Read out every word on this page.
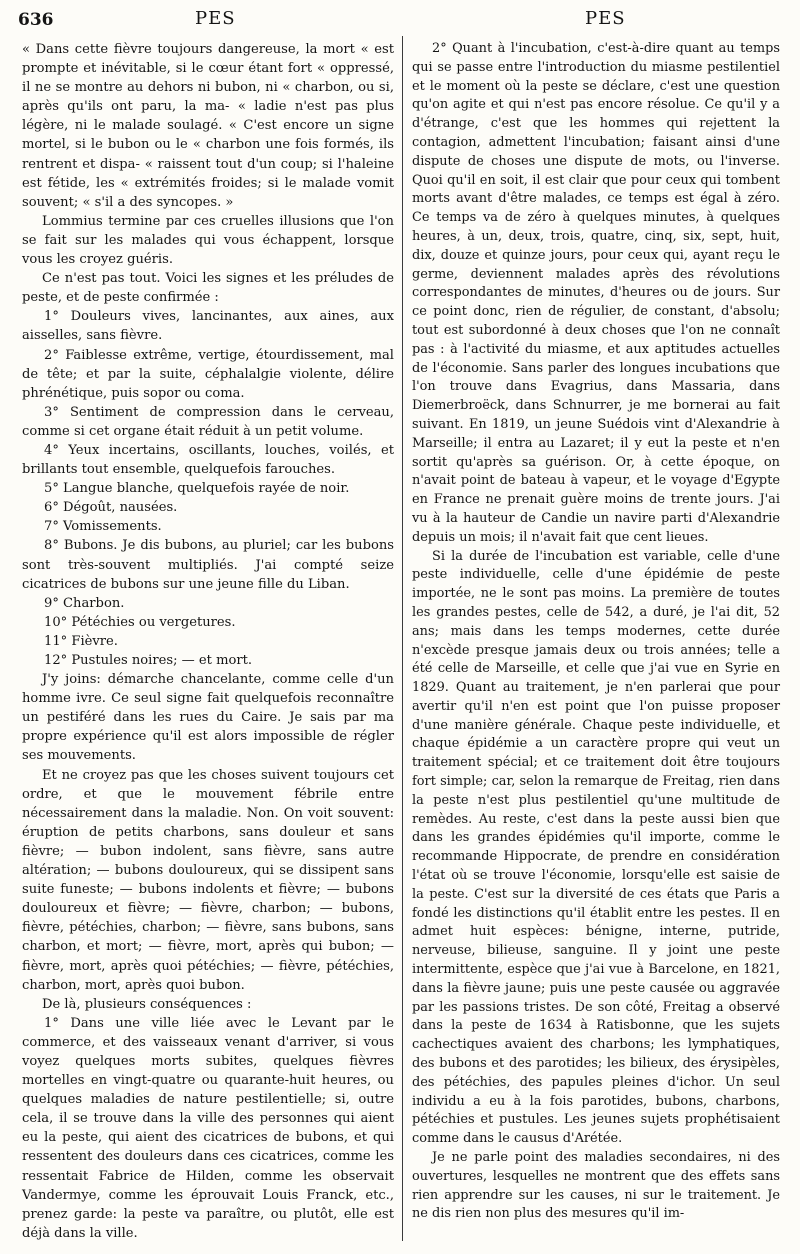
636	PES	PES

« Dans cette fièvre toujours dangereuse, la mort « est prompte et inévitable, si le cœur étant fort « oppressé, il ne se montre au dehors ni bubon, ni « charbon, ou si, après qu'ils ont paru, la ma- « ladie n'est pas plus légère, ni le malade soulagé. « C'est encore un signe mortel, si le bubon ou le « charbon une fois formés, ils rentrent et dispa- « raissent tout d'un coup; si l'haleine est fétide, les « extrémités froides; si le malade vomit souvent; « s'il a des syncopes. »

Lommius termine par ces cruelles illusions que l'on se fait sur les malades qui vous échappent, lorsque vous les croyez guéris.

Ce n'est pas tout. Voici les signes et les préludes de peste, et de peste confirmée :

1° Douleurs vives, lancinantes, aux aines, aux aisselles, sans fièvre.

2° Faiblesse extrême, vertige, étourdissement, mal de tête; et par la suite, céphalalgie violente, délire phrénétique, puis sopor ou coma.

3° Sentiment de compression dans le cerveau, comme si cet organe était réduit à un petit volume.

4° Yeux incertains, oscillants, louches, voilés, et brillants tout ensemble, quelquefois farouches.

5° Langue blanche, quelquefois rayée de noir.

6° Dégoût, nausées.

7° Vomissements.

8° Bubons. Je dis bubons, au pluriel; car les bubons sont très-souvent multipliés. J'ai compté seize cicatrices de bubons sur une jeune fille du Liban.

9° Charbon.

10° Pétéchies ou vergetures.

11° Fièvre.

12° Pustules noires; — et mort.

J'y joins: démarche chancelante, comme celle d'un homme ivre. Ce seul signe fait quelquefois reconnaître un pestiféré dans les rues du Caire. Je sais par ma propre expérience qu'il est alors impossible de régler ses mouvements.

Et ne croyez pas que les choses suivent toujours cet ordre, et que le mouvement fébrile entre nécessairement dans la maladie. Non. On voit souvent: éruption de petits charbons, sans douleur et sans fièvre; — bubon indolent, sans fièvre, sans autre altération; — bubons douloureux, qui se dissipent sans suite funeste; — bubons indolents et fièvre; — bubons douloureux et fièvre; — fièvre, charbon; — bubons, fièvre, pétéchies, charbon; — fièvre, sans bubons, sans charbon, et mort; — fièvre, mort, après qui bubon; — fièvre, mort, après quoi pétéchies; — fièvre, pétéchies, charbon, mort, après quoi bubon.

De là, plusieurs conséquences :

1° Dans une ville liée avec le Levant par le commerce, et des vaisseaux venant d'arriver, si vous voyez quelques morts subites, quelques fièvres mortelles en vingt-quatre ou quarante-huit heures, ou quelques maladies de nature pestilentielle; si, outre cela, il se trouve dans la ville des personnes qui aient eu la peste, qui aient des cicatrices de bubons, et qui ressentent des douleurs dans ces cicatrices, comme les ressentait Fabrice de Hilden, comme les observait Vandermye, comme les éprouvait Louis Franck, etc., prenez garde: la peste va paraître, ou plutôt, elle est déjà dans la ville.

2° Quant à l'incubation, c'est-à-dire quant au temps qui se passe entre l'introduction du miasme pestilentiel et le moment où la peste se déclare, c'est une question qu'on agite et qui n'est pas encore résolue. Ce qu'il y a d'étrange, c'est que les hommes qui rejettent la contagion, admettent l'incubation; faisant ainsi d'une dispute de choses une dispute de mots, ou l'inverse. Quoi qu'il en soit, il est clair que pour ceux qui tombent morts avant d'être malades, ce temps est égal à zéro. Ce temps va de zéro à quelques minutes, à quelques heures, à un, deux, trois, quatre, cinq, six, sept, huit, dix, douze et quinze jours, pour ceux qui, ayant reçu le germe, deviennent malades après des révolutions correspondantes de minutes, d'heures ou de jours. Sur ce point donc, rien de régulier, de constant, d'absolu; tout est subordonné à deux choses que l'on ne connaît pas : à l'activité du miasme, et aux aptitudes actuelles de l'économie. Sans parler des longues incubations que l'on trouve dans Evagrius, dans Massaria, dans Diemerbroëck, dans Schnurrer, je me bornerai au fait suivant. En 1819, un jeune Suédois vint d'Alexandrie à Marseille; il entra au Lazaret; il y eut la peste et n'en sortit qu'après sa guérison. Or, à cette époque, on n'avait point de bateau à vapeur, et le voyage d'Egypte en France ne prenait guère moins de trente jours. J'ai vu à la hauteur de Candie un navire parti d'Alexandrie depuis un mois; il n'avait fait que cent lieues.

Si la durée de l'incubation est variable, celle d'une peste individuelle, celle d'une épidémie de peste importée, ne le sont pas moins. La première de toutes les grandes pestes, celle de 542, a duré, je l'ai dit, 52 ans; mais dans les temps modernes, cette durée n'excède presque jamais deux ou trois années; telle a été celle de Marseille, et celle que j'ai vue en Syrie en 1829. Quant au traitement, je n'en parlerai que pour avertir qu'il n'en est point que l'on puisse proposer d'une manière générale. Chaque peste individuelle, et chaque épidémie a un caractère propre qui veut un traitement spécial; et ce traitement doit être toujours fort simple; car, selon la remarque de Freitag, rien dans la peste n'est plus pestilentiel qu'une multitude de remèdes. Au reste, c'est dans la peste aussi bien que dans les grandes épidémies qu'il importe, comme le recommande Hippocrate, de prendre en considération l'état où se trouve l'économie, lorsqu'elle est saisie de la peste. C'est sur la diversité de ces états que Paris a fondé les distinctions qu'il établit entre les pestes. Il en admet huit espèces: bénigne, interne, putride, nerveuse, bilieuse, sanguine. Il y joint une peste intermittente, espèce que j'ai vue à Barcelone, en 1821, dans la fièvre jaune; puis une peste causée ou aggravée par les passions tristes. De son côté, Freitag a observé dans la peste de 1634 à Ratisbonne, que les sujets cachectiques avaient des charbons; les lymphatiques, des bubons et des parotides; les bilieux, des érysipèles, des pétéchies, des papules pleines d'ichor. Un seul individu a eu à la fois parotides, bubons, charbons, pétéchies et pustules. Les jeunes sujets prophétisaient comme dans le causus d'Arétée.

Je ne parle point des maladies secondaires, ni des ouvertures, lesquelles ne montrent que des effets sans rien apprendre sur les causes, ni sur le traitement. Je ne dis rien non plus des mesures qu'il im-
